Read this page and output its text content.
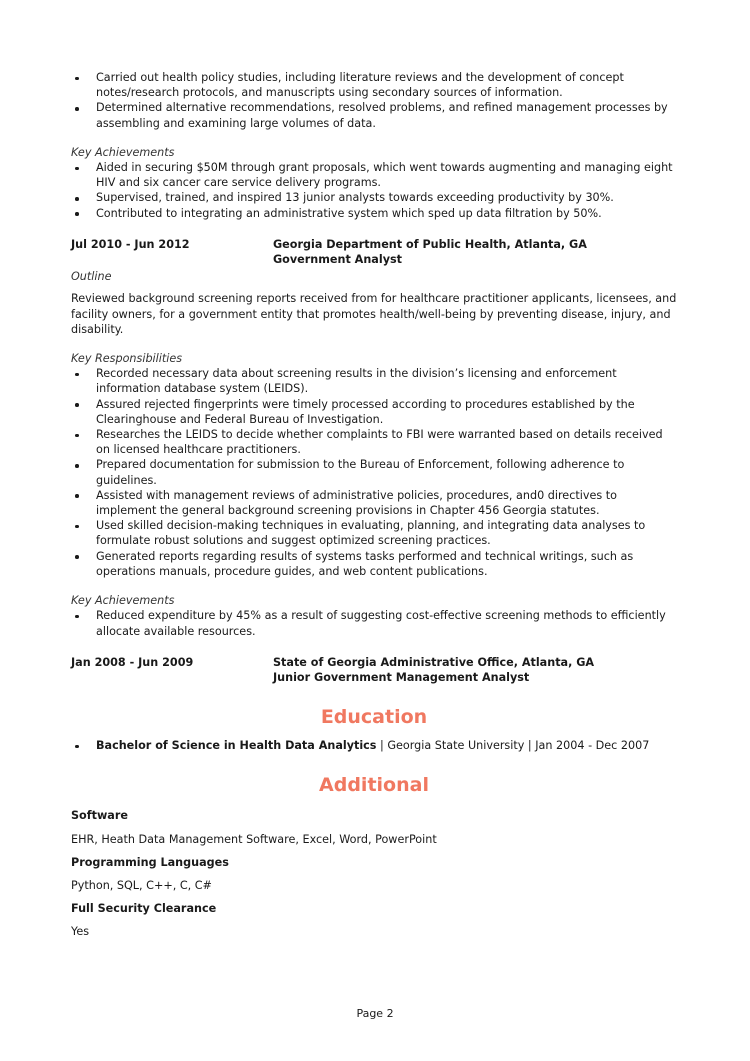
Carried out health policy studies, including literature reviews and the development of concept notes/research protocols, and manuscripts using secondary sources of information.
Determined alternative recommendations, resolved problems, and refined management processes by assembling and examining large volumes of data.

Key Achievements

Aided in securing $50M through grant proposals, which went towards augmenting and managing eight HIV and six cancer care service delivery programs.
Supervised, trained, and inspired 13 junior analysts towards exceeding productivity by 30%.
Contributed to integrating an administrative system which sped up data filtration by 50%.
Jul 2010 - Jun 2012	Georgia Department of Public Health, Atlanta, GA
Government Analyst

Outline

Reviewed background screening reports received from for healthcare practitioner applicants, licensees, and facility owners, for a government entity that promotes health/well-being by preventing disease, injury, and disability.

Key Responsibilities

Recorded necessary data about screening results in the division’s licensing and enforcement information database system (LEIDS).
Assured rejected fingerprints were timely processed according to procedures established by the Clearinghouse and Federal Bureau of Investigation.
Researches the LEIDS to decide whether complaints to FBI were warranted based on details received on licensed healthcare practitioners.
Prepared documentation for submission to the Bureau of Enforcement, following adherence to guidelines.
Assisted with management reviews of administrative policies, procedures, and0 directives to implement the general background screening provisions in Chapter 456 Georgia statutes.
Used skilled decision-making techniques in evaluating, planning, and integrating data analyses to formulate robust solutions and suggest optimized screening practices.
Generated reports regarding results of systems tasks performed and technical writings, such as operations manuals, procedure guides, and web content publications.

Key Achievements

Reduced expenditure by 45% as a result of suggesting cost-effective screening methods to efficiently allocate available resources.
Jan 2008 - Jun 2009	State of Georgia Administrative Office, Atlanta, GA
Junior Government Management Analyst
Education
Bachelor of Science in Health Data Analytics | Georgia State University | Jan 2004 - Dec 2007
Additional

Software

EHR, Heath Data Management Software, Excel, Word, PowerPoint

Programming Languages

Python, SQL, C++, C, C#

Full Security Clearance

Yes

Page 2
